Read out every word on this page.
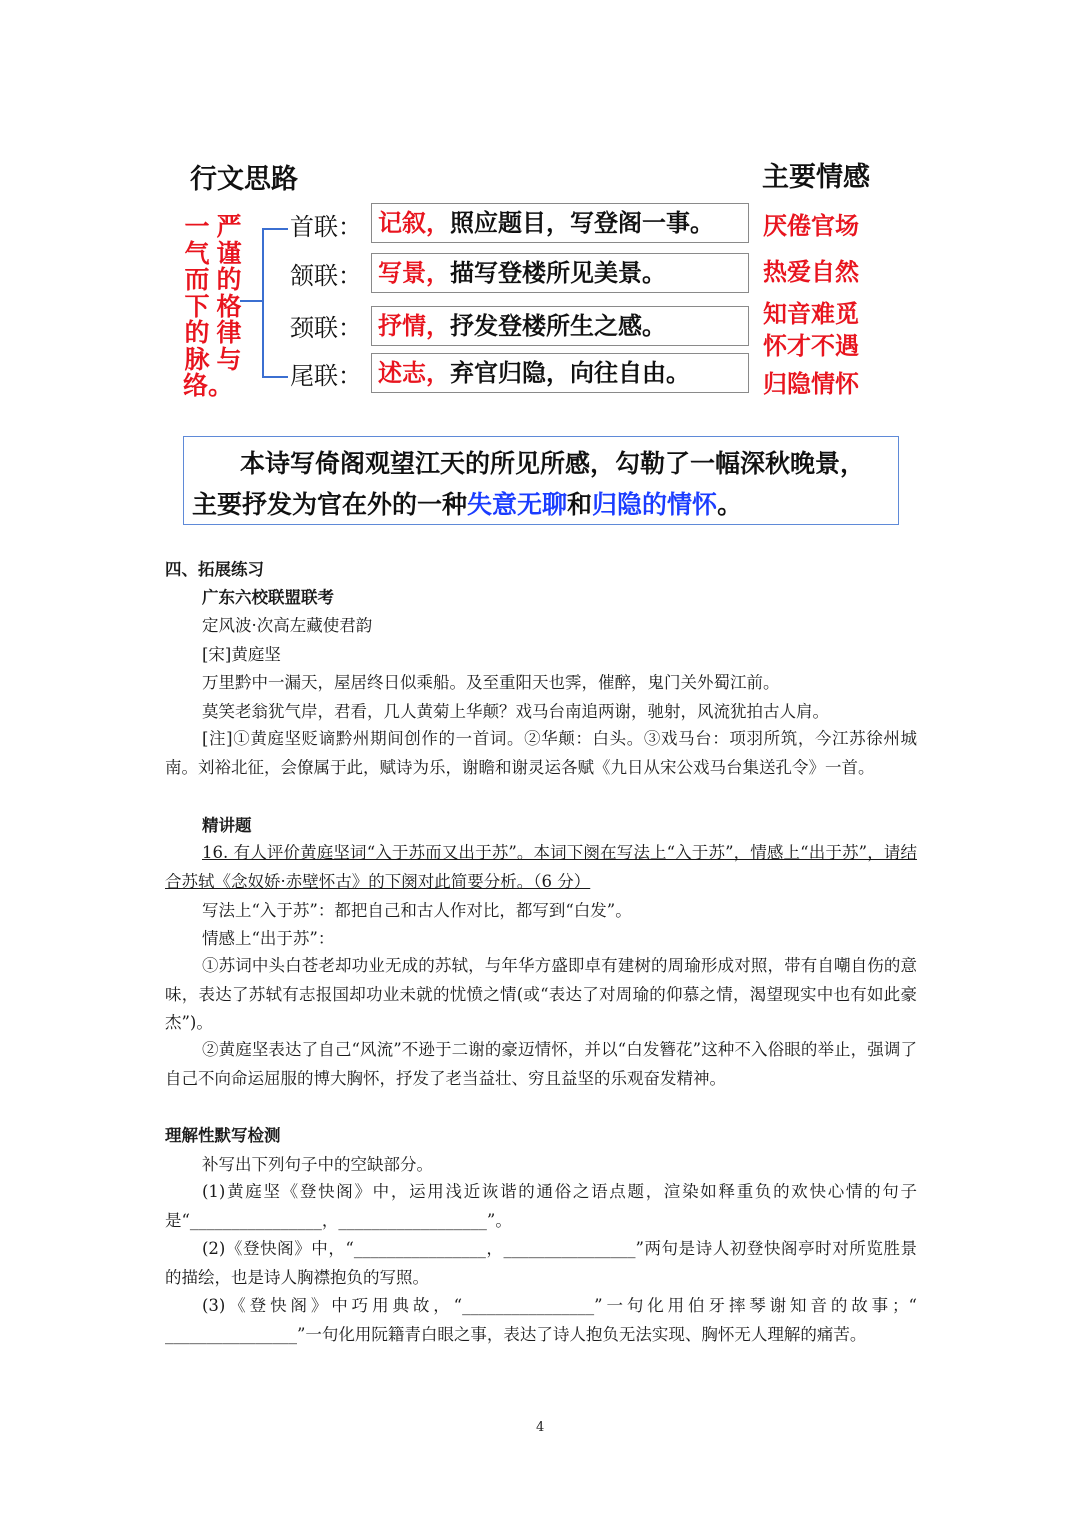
行文思路	主要情感
一气而下的脉络。
严谨的格律与
首联： 记叙，照应题目，写登阁一事。	厌倦官场
颔联： 写景，描写登楼所见美景。	热爱自然
颈联： 抒情，抒发登楼所生之感。	知音难觅
怀才不遇
尾联： 述志，弃官归隐，向往自由。	归隐情怀
本诗写倚阁观望江天的所见所感，勾勒了一幅深秋晚景，
主要抒发为官在外的一种失意无聊和归隐的情怀。
四、拓展练习
广东六校联盟联考
定风波·次高左藏使君韵
[宋]黄庭坚
万里黔中一漏天，屋居终日似乘船。及至重阳天也霁，催醉，鬼门关外蜀江前。
莫笑老翁犹气岸，君看，几人黄菊上华颠？戏马台南追两谢，驰射，风流犹拍古人肩。
[注]①黄庭坚贬谪黔州期间创作的一首词。②华颠：白头。③戏马台：项羽所筑，今江苏徐州城南。刘裕北征，会僚属于此，赋诗为乐，谢瞻和谢灵运各赋《九日从宋公戏马台集送孔令》一首。
精讲题
16. 有人评价黄庭坚词“入于苏而又出于苏”。本词下阕在写法上“入于苏”，情感上“出于苏”，请结合苏轼《念奴娇·赤壁怀古》的下阕对此简要分析。（6 分）
写法上“入于苏”：都把自己和古人作对比，都写到“白发”。
情感上“出于苏”：
①苏词中头白苍老却功业无成的苏轼，与年华方盛即卓有建树的周瑜形成对照，带有自嘲自伤的意味，表达了苏轼有志报国却功业未就的忧愤之情(或“表达了对周瑜的仰慕之情，渴望现实中也有如此豪杰”)。
②黄庭坚表达了自己“风流”不逊于二谢的豪迈情怀，并以“白发簪花”这种不入俗眼的举止，强调了自己不向命运屈服的博大胸怀，抒发了老当益壮、穷且益坚的乐观奋发精神。
理解性默写检测
补写出下列句子中的空缺部分。
(1)黄庭坚《登快阁》中，运用浅近诙谐的通俗之语点题，渲染如释重负的欢快心情的句子是“________________，__________________”。
(2)《登快阁》中，“________________，________________”两句是诗人初登快阁亭时对所览胜景的描绘，也是诗人胸襟抱负的写照。
(3)《登快阁》中巧用典故，“________________”一句化用伯牙摔琴谢知音的故事；“ ________________”一句化用阮籍青白眼之事，表达了诗人抱负无法实现、胸怀无人理解的痛苦。
4
